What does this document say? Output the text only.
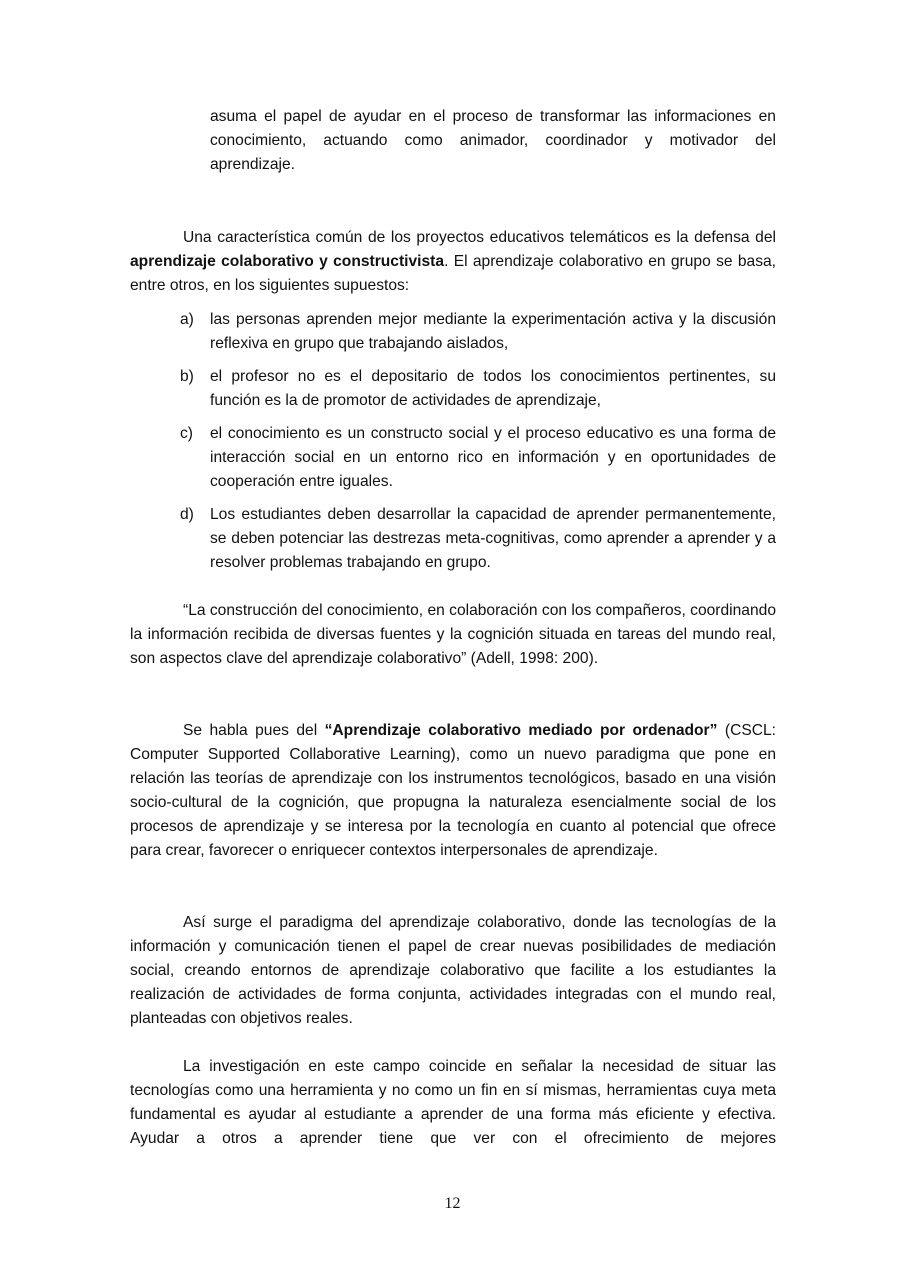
asuma el papel de ayudar en el proceso de transformar las informaciones en conocimiento, actuando como animador, coordinador y motivador del aprendizaje.

Una característica común de los proyectos educativos telemáticos es la defensa del aprendizaje colaborativo y constructivista. El aprendizaje colaborativo en grupo se basa, entre otros, en los siguientes supuestos:

a) las personas aprenden mejor mediante la experimentación activa y la discusión reflexiva en grupo que trabajando aislados,
b) el profesor no es el depositario de todos los conocimientos pertinentes, su función es la de promotor de actividades de aprendizaje,
c) el conocimiento es un constructo social y el proceso educativo es una forma de interacción social en un entorno rico en información y en oportunidades de cooperación entre iguales.
d) Los estudiantes deben desarrollar la capacidad de aprender permanentemente, se deben potenciar las destrezas meta-cognitivas, como aprender a aprender y a resolver problemas trabajando en grupo.

“La construcción del conocimiento, en colaboración con los compañeros, coordinando la información recibida de diversas fuentes y la cognición situada en tareas del mundo real, son aspectos clave del aprendizaje colaborativo” (Adell, 1998: 200).

Se habla pues del “Aprendizaje colaborativo mediado por ordenador” (CSCL: Computer Supported Collaborative Learning), como un nuevo paradigma que pone en relación las teorías de aprendizaje con los instrumentos tecnológicos, basado en una visión socio-cultural de la cognición, que propugna la naturaleza esencialmente social de los procesos de aprendizaje y se interesa por la tecnología en cuanto al potencial que ofrece para crear, favorecer o enriquecer contextos interpersonales de aprendizaje.

Así surge el paradigma del aprendizaje colaborativo, donde las tecnologías de la información y comunicación tienen el papel de crear nuevas posibilidades de mediación social, creando entornos de aprendizaje colaborativo que facilite a los estudiantes la realización de actividades de forma conjunta, actividades integradas con el mundo real, planteadas con objetivos reales.

La investigación en este campo coincide en señalar la necesidad de situar las tecnologías como una herramienta y no como un fin en sí mismas, herramientas cuya meta fundamental es ayudar al estudiante a aprender de una forma más eficiente y efectiva. Ayudar a otros a aprender tiene que ver con el ofrecimiento de mejores

12
